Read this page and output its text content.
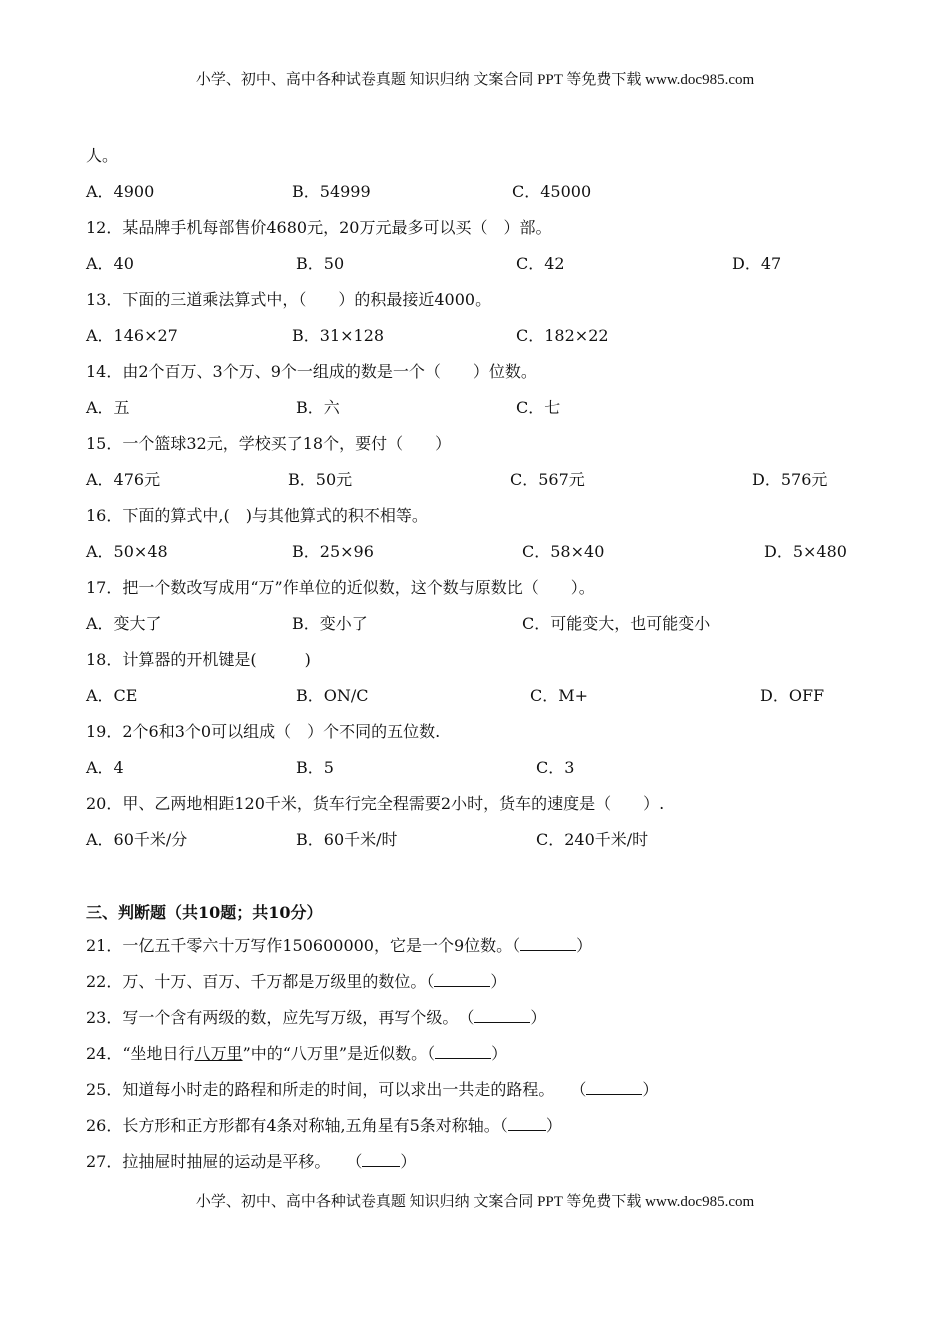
小学、初中、高中各种试卷真题 知识归纳 文案合同 PPT 等免费下载 www.doc985.com
人。
A．4900	B．54999	C．45000
12．某品牌手机每部售价4680元，20万元最多可以买（　）部。
A．40	B．50	C．42	D．47
13．下面的三道乘法算式中，（　　）的积最接近4000。
A．146×27	B．31×128	C．182×22
14．由2个百万、3个万、9个一组成的数是一个（　　）位数。
A．五	B．六	C．七
15．一个篮球32元，学校买了18个，要付（　　）
A．476元	B．50元	C．567元	D．576元
16．下面的算式中,(　)与其他算式的积不相等。
A．50×48	B．25×96	C．58×40	D．5×480
17．把一个数改写成用“万”作单位的近似数，这个数与原数比（　　）。
A．变大了	B．变小了	C．可能变大，也可能变小
18．计算器的开机键是(　　　)
A．CE	B．ON/C	C．M+	D．OFF
19．2个6和3个0可以组成（　）个不同的五位数.
A．4	B．5	C．3
20．甲、乙两地相距120千米，货车行完全程需要2小时，货车的速度是（　　）.
A．60千米/分	B．60千米/时	C．240千米/时
三、判断题（共10题；共10分）
21．一亿五千零六十万写作150600000，它是一个9位数。（	）
22．万、十万、百万、千万都是万级里的数位。（	）
23．写一个含有两级的数，应先写万级，再写个级。　（	）
24．“坐地日行八万里”中的“八万里”是近似数。（	）
25．知道每小时走的路程和所走的时间，可以求出一共走的路程。　　（	）
26．长方形和正方形都有4条对称轴,五角星有5条对称轴。（ ）
27．拉抽屉时抽屉的运动是平移。　　（ ）
小学、初中、高中各种试卷真题 知识归纳 文案合同 PPT 等免费下载 www.doc985.com
